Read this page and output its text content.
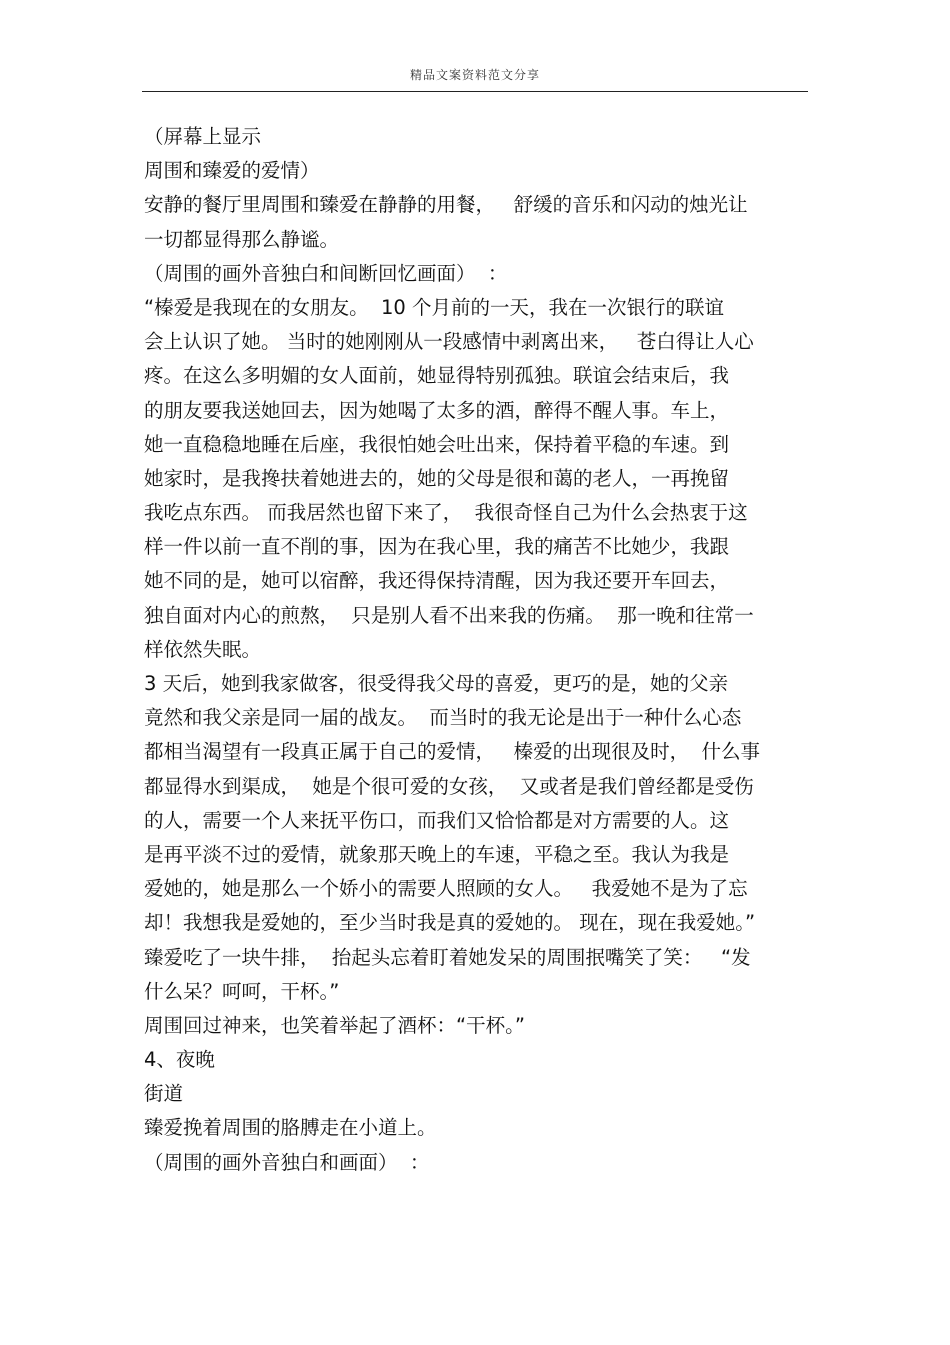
精品文案资料范文分享
（屏幕上显示
周围和臻爱的爱情）
安静的餐厅里周围和臻爱在静静的用餐，   舒缓的音乐和闪动的烛光让
一切都显得那么静谧。
（周围的画外音独白和间断回忆画面）  ：
“榛爱是我现在的女朋友。  10 个月前的一天，我在一次银行的联谊
会上认识了她。 当时的她刚刚从一段感情中剥离出来，   苍白得让人心
疼。在这么多明媚的女人面前，她显得特别孤独。联谊会结束后，我
的朋友要我送她回去，因为她喝了太多的酒，醉得不醒人事。车上，
她一直稳稳地睡在后座，我很怕她会吐出来，保持着平稳的车速。到
她家时，是我搀扶着她进去的，她的父母是很和蔼的老人，一再挽留
我吃点东西。 而我居然也留下来了，  我很奇怪自己为什么会热衷于这
样一件以前一直不削的事，因为在我心里，我的痛苦不比她少，我跟
她不同的是，她可以宿醉，我还得保持清醒，因为我还要开车回去，
独自面对内心的煎熬，  只是别人看不出来我的伤痛。  那一晚和往常一
样依然失眠。
3 天后，她到我家做客，很受得我父母的喜爱，更巧的是，她的父亲
竟然和我父亲是同一届的战友。  而当时的我无论是出于一种什么心态
都相当渴望有一段真正属于自己的爱情，   榛爱的出现很及时，  什么事
都显得水到渠成，  她是个很可爱的女孩，  又或者是我们曾经都是受伤
的人，需要一个人来抚平伤口，而我们又恰恰都是对方需要的人。这
是再平淡不过的爱情，就象那天晚上的车速，平稳之至。我认为我是
爱她的，她是那么一个娇小的需要人照顾的女人。   我爱她不是为了忘
却！我想我是爱她的，至少当时我是真的爱她的。 现在，现在我爱她。”
臻爱吃了一块牛排，  抬起头忘着盯着她发呆的周围抿嘴笑了笑：   “发
什么呆？呵呵，干杯。”
周围回过神来，也笑着举起了酒杯：“干杯。”
4、夜晚
街道
臻爱挽着周围的胳膊走在小道上。
（周围的画外音独白和画面）  ：
